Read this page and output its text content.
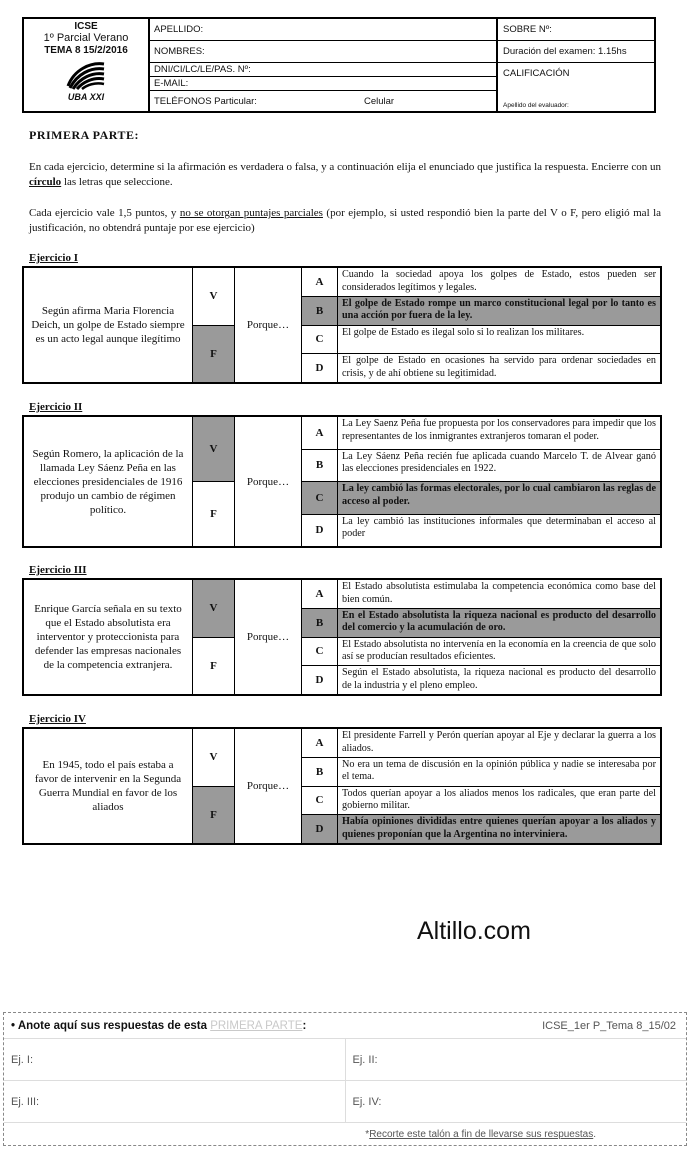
ICSE
1º Parcial Verano
TEMA 8 15/2/2016
UBA XXI
APELLIDO:
NOMBRES:
DNI/CI/LC/LE/PAS. Nº:
E-MAIL:
TELÉFONOS Particular:	Celular
SOBRE Nº:
Duración del examen: 1.15hs
CALIFICACIÓN
Apellido del evaluador:
PRIMERA PARTE:
En cada ejercicio, determine si la afirmación es verdadera o falsa, y a continuación elija el enunciado que justifica la respuesta. Encierre con un círculo las letras que seleccione.
Cada ejercicio vale 1,5 puntos, y no se otorgan puntajes parciales (por ejemplo, si usted respondió bien la parte del V o F, pero eligió mal la justificación, no obtendrá puntaje por ese ejercicio)
Ejercicio I
Según afirma Maria Florencia Deich, un golpe de Estado siempre es un acto legal aunque ilegítimo
V
F
Porque…
A
Cuando la sociedad apoya los golpes de Estado, estos pueden ser considerados legítimos y legales.
B
El golpe de Estado rompe un marco constitucional legal por lo tanto es una acción por fuera de la ley.
C
El golpe de Estado es ilegal solo si lo realizan los militares.
D
El golpe de Estado en ocasiones ha servido para ordenar sociedades en crisis, y de ahí obtiene su legitimidad.
Ejercicio II
Según Romero, la aplicación de la llamada Ley Sáenz Peña en las elecciones presidenciales de 1916 produjo un cambio de régimen político.
V
F
Porque…
A
La Ley Saenz Peña fue propuesta por los conservadores para impedir que los representantes de los inmigrantes extranjeros tomaran el poder.
B
La Ley Sáenz Peña recién fue aplicada cuando Marcelo T. de Alvear ganó las elecciones presidenciales en 1922.
C
La ley cambió las formas electorales, por lo cual cambiaron las reglas de acceso al poder.
D
La ley cambió las instituciones informales que determinaban el acceso al poder
Ejercicio III
Enrique García señala en su texto que el Estado absolutista era interventor y proteccionista para defender las empresas nacionales de la competencia extranjera.
V
F
Porque…
A
El Estado absolutista estimulaba la competencia económica como base del bien común.
B
En el Estado absolutista la riqueza nacional es producto del desarrollo del comercio y la acumulación de oro.
C
El Estado absolutista no intervenía en la economía en la creencia de que solo así se producían resultados eficientes.
D
Según el Estado absolutista, la riqueza nacional es producto del desarrollo de la industria y el pleno empleo.
Ejercicio IV
En 1945, todo el país estaba a favor de intervenir en la Segunda Guerra Mundial en favor de los aliados
V
F
Porque…
A
El presidente Farrell y Perón querían apoyar al Eje y declarar la guerra a los aliados.
B
No era un tema de discusión en la opinión pública y nadie se interesaba por el tema.
C
Todos querían apoyar a los aliados menos los radicales, que eran parte del gobierno militar.
D
Había opiniones divididas entre quienes querían apoyar a los aliados y quienes proponían que la Argentina no interviniera.
Altillo.com
• Anote aquí sus respuestas de esta PRIMERA PARTE:	ICSE_1er P_Tema 8_15/02
Ej. I:	Ej. II:
Ej. III:	Ej. IV:
* Recorte este talón a fin de llevarse sus respuestas .
